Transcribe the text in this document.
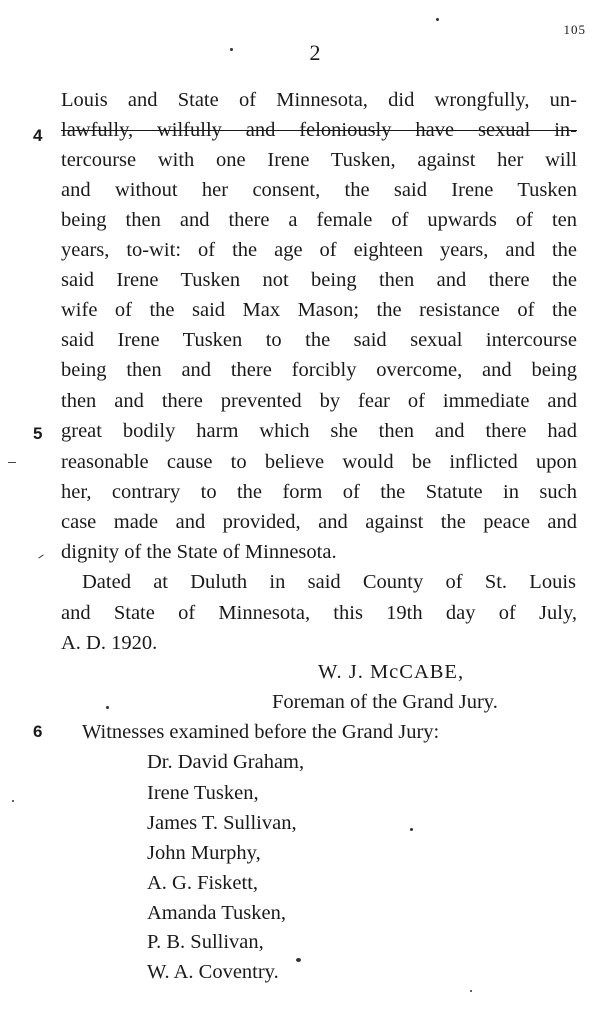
2
105
Louis and State of Minnesota, did wrongfully, un-
4 lawfully, wilfully and feloniously have sexual in-
tercourse with one Irene Tusken, against her will
and without her consent, the said Irene Tusken
being then and there a female of upwards of ten
years, to-wit: of the age of eighteen years, and the
said Irene Tusken not being then and there the
wife of the said Max Mason; the resistance of the
said Irene Tusken to the said sexual intercourse
being then and there forcibly overcome, and being
then and there prevented by fear of immediate and
5 great bodily harm which she then and there had
reasonable cause to believe would be inflicted upon
her, contrary to the form of the Statute in such
case made and provided, and against the peace and
dignity of the State of Minnesota.
Dated at Duluth in said County of St. Louis
and State of Minnesota, this 19th day of July,
A. D. 1920.
W. J. McCABE,
Foreman of the Grand Jury.
6 Witnesses examined before the Grand Jury:
Dr. David Graham,
Irene Tusken,
James T. Sullivan,
John Murphy,
A. G. Fiskett,
Amanda Tusken,
P. B. Sullivan,
W. A. Coventry.
